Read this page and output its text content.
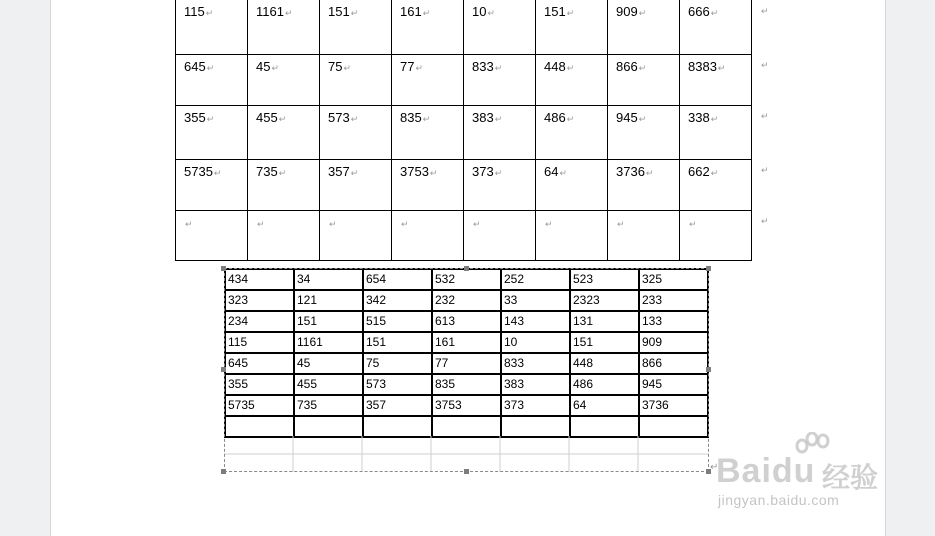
115↵	1161↵	151↵	161↵	10↵	151↵	909↵	666↵
645↵	45↵	75↵	77↵	833↵	448↵	866↵	8383↵
355↵	455↵	573↵	835↵	383↵	486↵	945↵	338↵
5735↵	735↵	357↵	3753↵	373↵	64↵	3736↵	662↵
↵	↵	↵	↵	↵	↵	↵	↵
↵
↵
↵
↵
↵
434	34	654	532	252	523	325
323	121	342	232	33	2323	233
234	151	515	613	143	131	133
115	1161	151	161	10	151	909
645	45	75	77	833	448	866
355	455	573	835	383	486	945
5735	735	357	3753	373	64	3736

↵
Baidu 经验
jingyan.baidu.com
